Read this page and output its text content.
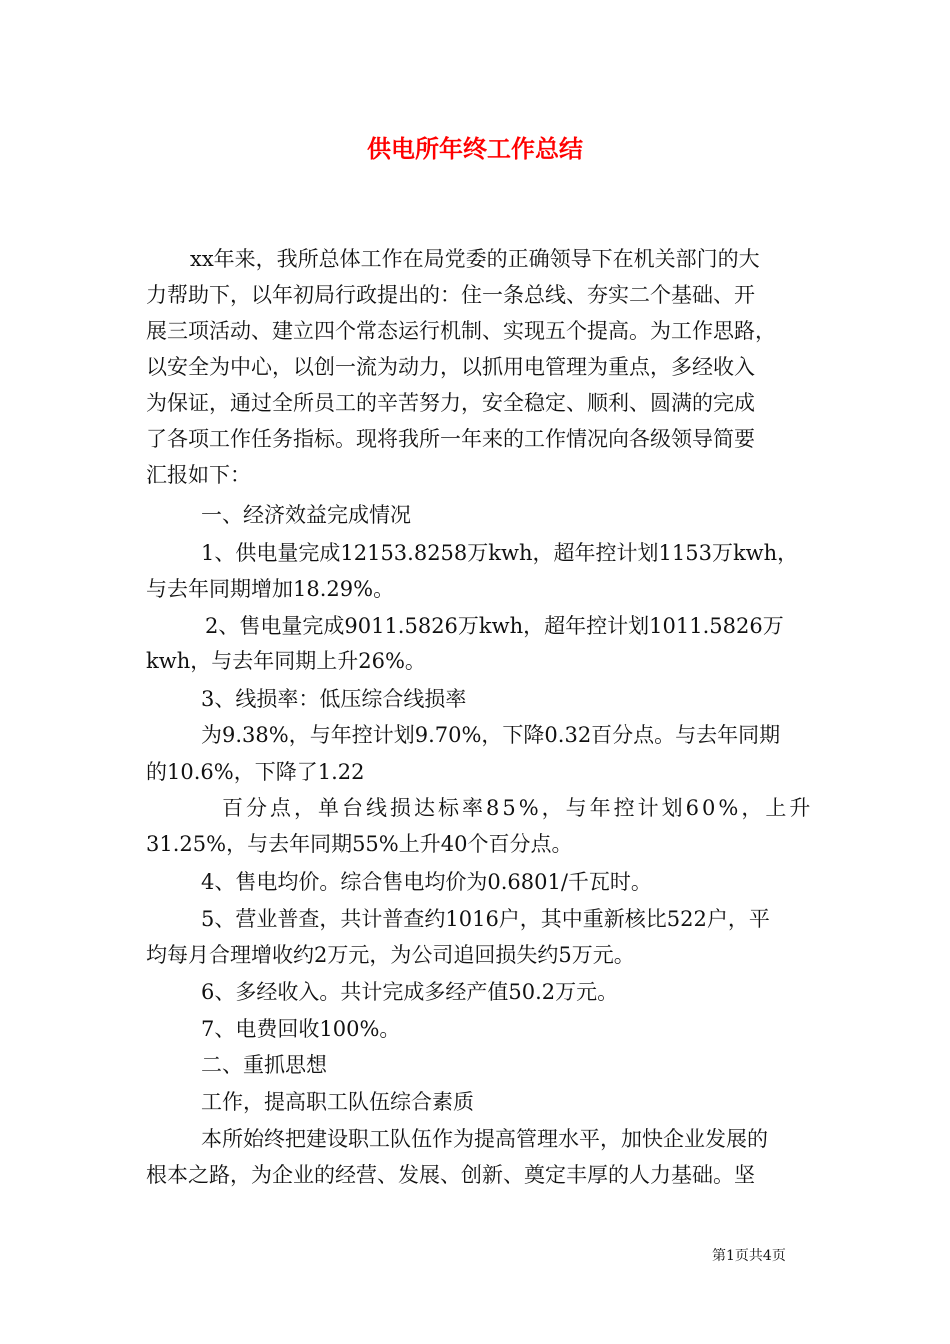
供电所年终工作总结
xx年来，我所总体工作在局党委的正确领导下在机关部门的大
力帮助下，以年初局行政提出的：住一条总线、夯实二个基础、开
展三项活动、建立四个常态运行机制、实现五个提高。为工作思路，
以安全为中心，以创一流为动力，以抓用电管理为重点，多经收入
为保证，通过全所员工的辛苦努力，安全稳定、顺利、圆满的完成
了各项工作任务指标。现将我所一年来的工作情况向各级领导简要
汇报如下：
一、经济效益完成情况
1、供电量完成12153.8258万kwh，超年控计划1153万kwh，
与去年同期增加18.29%。
2、售电量完成9011.5826万kwh，超年控计划1011.5826万
kwh，与去年同期上升26%。
3、线损率：低压综合线损率
为9.38%，与年控计划9.70%，下降0.32百分点。与去年同期
的10.6%，下降了1.22
百分点，单台线损达标率85%，与年控计划60%，上升
31.25%，与去年同期55%上升40个百分点。
4、售电均价。综合售电均价为0.6801/千瓦时。
5、营业普查，共计普查约1016户，其中重新核比522户，平
均每月合理增收约2万元，为公司追回损失约5万元。
6、多经收入。共计完成多经产值50.2万元。
7、电费回收100%。
二、重抓思想
工作，提高职工队伍综合素质
本所始终把建设职工队伍作为提高管理水平，加快企业发展的
根本之路，为企业的经营、发展、创新、奠定丰厚的人力基础。坚
第1页共4页
